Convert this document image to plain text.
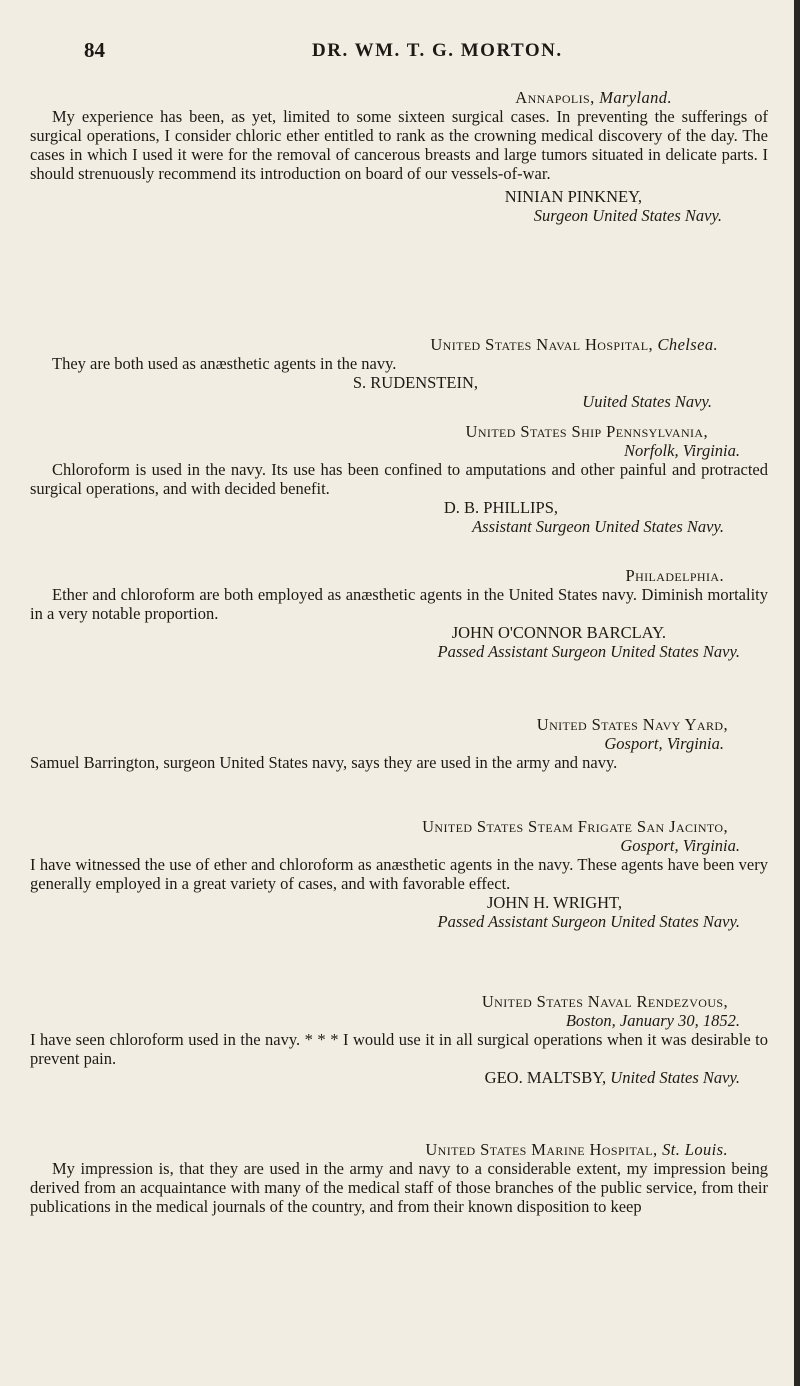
84	DR. WM. T. G. MORTON.
Annapolis, Maryland.
My experience has been, as yet, limited to some sixteen surgical cases. In preventing the sufferings of surgical operations, I consider chloric ether entitled to rank as the crowning medical discovery of the day. The cases in which I used it were for the removal of cancerous breasts and large tumors situated in delicate parts. I should strenuously recommend its introduction on board of our vessels-of-war.
NINIAN PINKNEY,
Surgeon United States Navy.
United States Naval Hospital, Chelsea.
They are both used as anæsthetic agents in the navy.
S. RUDENSTEIN,
Uuited States Navy.
United States Ship Pennsylvania,
Norfolk, Virginia.
Chloroform is used in the navy. Its use has been confined to amputations and other painful and protracted surgical operations, and with decided benefit.
D. B. PHILLIPS,
Assistant Surgeon United States Navy.
Philadelphia.
Ether and chloroform are both employed as anæsthetic agents in the United States navy. Diminish mortality in a very notable proportion.
JOHN O'CONNOR BARCLAY.
Passed Assistant Surgeon United States Navy.
United States Navy Yard,
Gosport, Virginia.
Samuel Barrington, surgeon United States navy, says they are used in the army and navy.
United States Steam Frigate San Jacinto,
Gosport, Virginia.
I have witnessed the use of ether and chloroform as anæsthetic agents in the navy. These agents have been very generally employed in a great variety of cases, and with favorable effect.
JOHN H. WRIGHT,
Passed Assistant Surgeon United States Navy.
United States Naval Rendezvous,
Boston, January 30, 1852.
I have seen chloroform used in the navy. * * * I would use it in all surgical operations when it was desirable to prevent pain.
GEO. MALTSBY, United States Navy.
United States Marine Hospital, St. Louis.
My impression is, that they are used in the army and navy to a considerable extent, my impression being derived from an acquaintance with many of the medical staff of those branches of the public service, from their publications in the medical journals of the country, and from their known disposition to keep
